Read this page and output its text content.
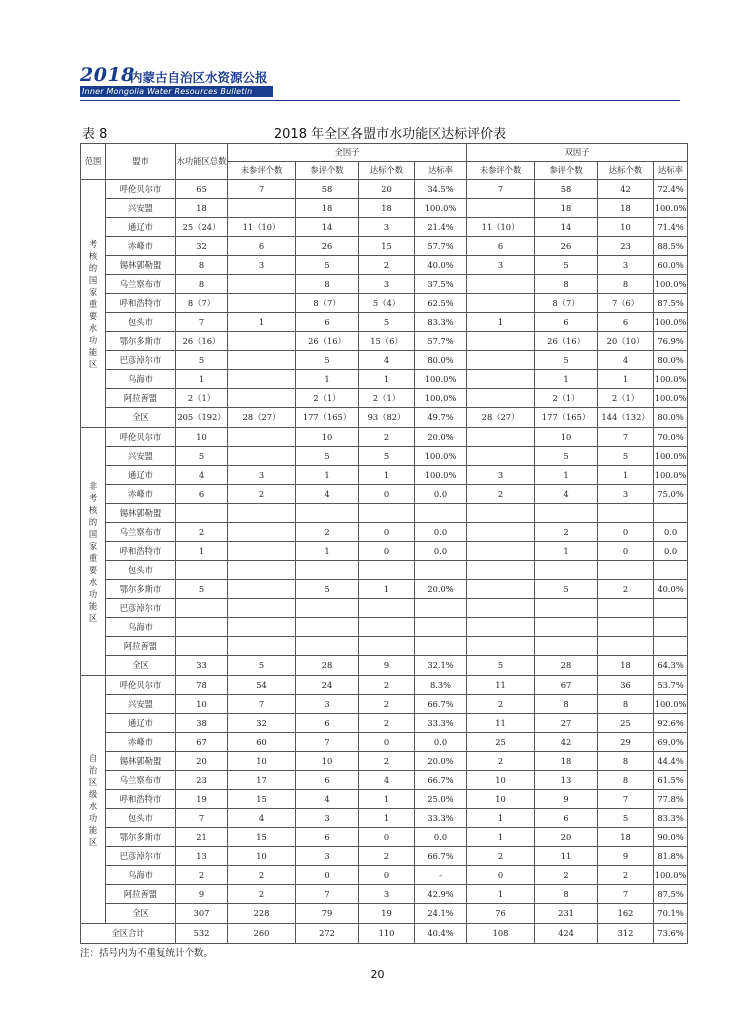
2018
内蒙古自治区水资源公报
Inner Mongolia Water Resources Bulletin
表 8	2018 年全区各盟市水功能区达标评价表
范围	盟市	水功能区总数	全因子				双因子			
			未参评个数	参评个数	达标个数	达标率	未参评个数	参评个数	达标个数	达标率

考核的国家重要水功能区	呼伦贝尔市	65	7	58	20	34.5%	7	58	42	72.4%
	兴安盟	18		18	18	100.0%		18	18	100.0%
	通辽市	25（24）	11（10）	14	3	21.4%	11（10）	14	10	71.4%
	赤峰市	32	6	26	15	57.7%	6	26	23	88.5%
	锡林郭勒盟	8	3	5	2	40.0%	3	5	3	60.0%
	乌兰察布市	8		8	3	37.5%		8	8	100.0%
	呼和浩特市	8（7）		8（7）	5（4）	62.5%		8（7）	7（6）	87.5%
	包头市	7	1	6	5	83.3%	1	6	6	100.0%
	鄂尔多斯市	26（16）		26（16）	15（6）	57.7%		26（16）	20（10）	76.9%
	巴彦淖尔市	5		5	4	80.0%		5	4	80.0%
	乌海市	1		1	1	100.0%		1	1	100.0%
	阿拉善盟	2（1）		2（1）	2（1）	100.0%		2（1）	2（1）	100.0%
	全区	205（192）	28（27）	177（165）	93（82）	49.7%	28（27）	177（165）	144（132）	80.0%

非考核的国家重要水功能区	呼伦贝尔市	10		10	2	20.0%		10	7	70.0%
	兴安盟	5		5	5	100.0%		5	5	100.0%
	通辽市	4	3	1	1	100.0%	3	1	1	100.0%
	赤峰市	6	2	4	0	0.0	2	4	3	75.0%
	锡林郭勒盟									
	乌兰察布市	2		2	0	0.0		2	0	0.0
	呼和浩特市	1		1	0	0.0		1	0	0.0
	包头市									
	鄂尔多斯市	5		5	1	20.0%		5	2	40.0%
	巴彦淖尔市									
	乌海市									
	阿拉善盟									
	全区	33	5	28	9	32.1%	5	28	18	64.3%

自治区级水功能区	呼伦贝尔市	78	54	24	2	8.3%	11	67	36	53.7%
	兴安盟	10	7	3	2	66.7%	2	8	8	100.0%
	通辽市	38	32	6	2	33.3%	11	27	25	92.6%
	赤峰市	67	60	7	0	0.0	25	42	29	69.0%
	锡林郭勒盟	20	10	10	2	20.0%	2	18	8	44.4%
	乌兰察布市	23	17	6	4	66.7%	10	13	8	61.5%
	呼和浩特市	19	15	4	1	25.0%	10	9	7	77.8%
	包头市	7	4	3	1	33.3%	1	6	5	83.3%
	鄂尔多斯市	21	15	6	0	0.0	1	20	18	90.0%
	巴彦淖尔市	13	10	3	2	66.7%	2	11	9	81.8%
	乌海市	2	2	0	0	-	0	2	2	100.0%
	阿拉善盟	9	2	7	3	42.9%	1	8	7	87.5%
	全区	307	228	79	19	24.1%	76	231	162	70.1%
全区合计		532	260	272	110	40.4%	108	424	312	73.6%
注：括号内为不重复统计个数。
20
